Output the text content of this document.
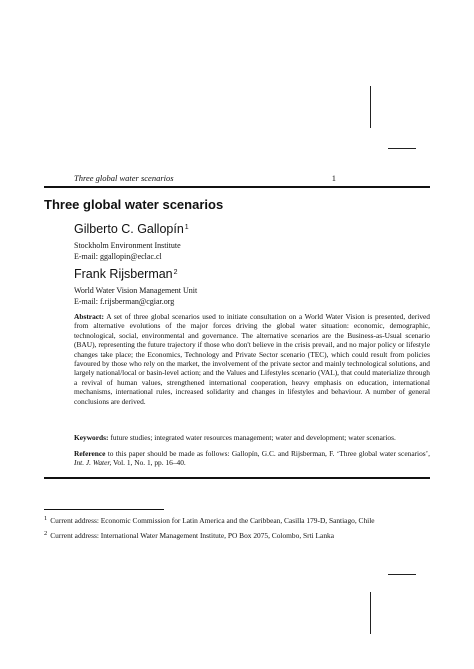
Three global water scenarios	1
Three global water scenarios
Gilberto C. Gallopín$^1$
Stockholm Environment Institute
E-mail: ggallopin@eclac.cl
Frank Rijsberman$^2$
World Water Vision Management Unit
E-mail: f.rijsberman@cgiar.org
Abstract: A set of three global scenarios used to initiate consultation on a World Water Vision is presented, derived from alternative evolutions of the major forces driving the global water situation: economic, demographic, technological, social, environmental and governance. The alternative scenarios are the Business-as-Usual scenario (BAU), representing the future trajectory if those who don't believe in the crisis prevail, and no major policy or lifestyle changes take place; the Economics, Technology and Private Sector scenario (TEC), which could result from policies favoured by those who rely on the market, the involvement of the private sector and mainly technological solutions, and largely national/local or basin-level action; and the Values and Lifestyles scenario (VAL), that could materialize through a revival of human values, strengthened international cooperation, heavy emphasis on education, international mechanisms, international rules, increased solidarity and changes in lifestyles and behaviour. A number of general conclusions are derived.
Keywords: future studies; integrated water resources management; water and development; water scenarios.
Reference to this paper should be made as follows: Gallopín, G.C. and Rijsberman, F. ‘Three global water scenarios’, Int. J. Water, Vol. 1, No. 1, pp. 16–40.
$^1$ Current address: Economic Commission for Latin America and the Caribbean, Casilla 179-D, Santiago, Chile
$^2$ Current address: International Water Management Institute, PO Box 2075, Colombo, Srti Lanka
